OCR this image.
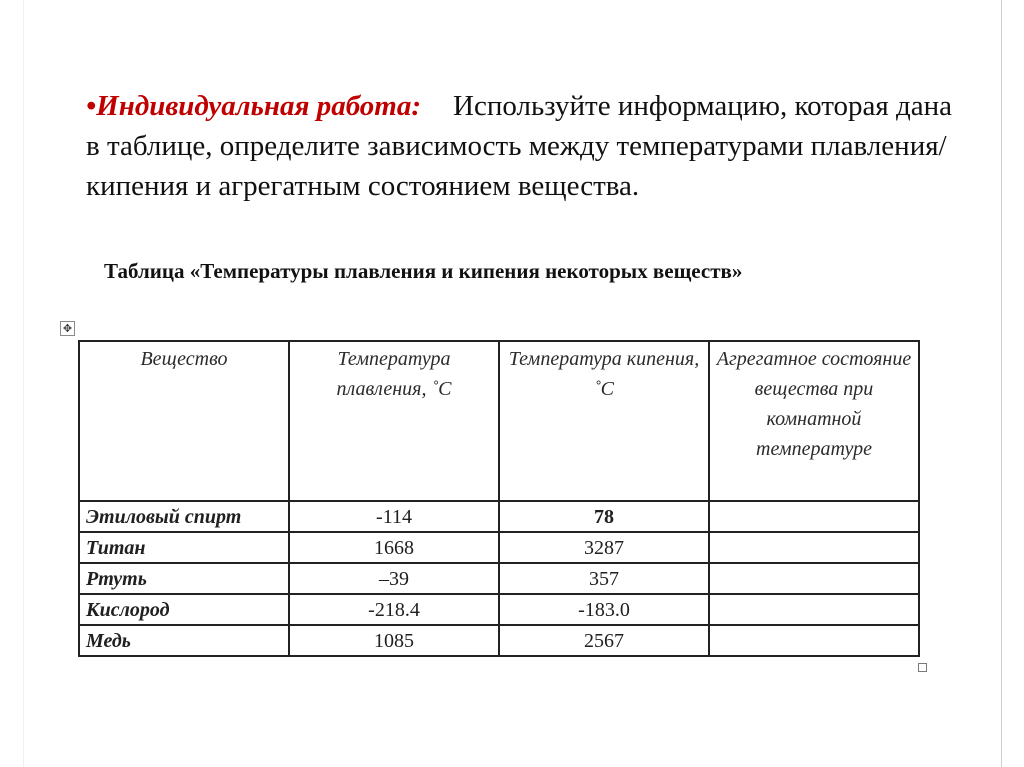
•Индивидуальная работа: Используйте информацию, которая дана в таблице, определите зависимость между температурами плавления/кипения и агрегатным состоянием вещества.
Таблица «Температуры плавления и кипения некоторых веществ»
✥
Вещество	Температура плавления, ˚С	Температура кипения, ˚С	Агрегатное состояние вещества при комнатной температуре
Этиловый спирт	-114	78	
Титан	1668	3287	
Ртуть	–39	357	
Кислород	-218.4	-183.0	
Медь	1085	2567	
